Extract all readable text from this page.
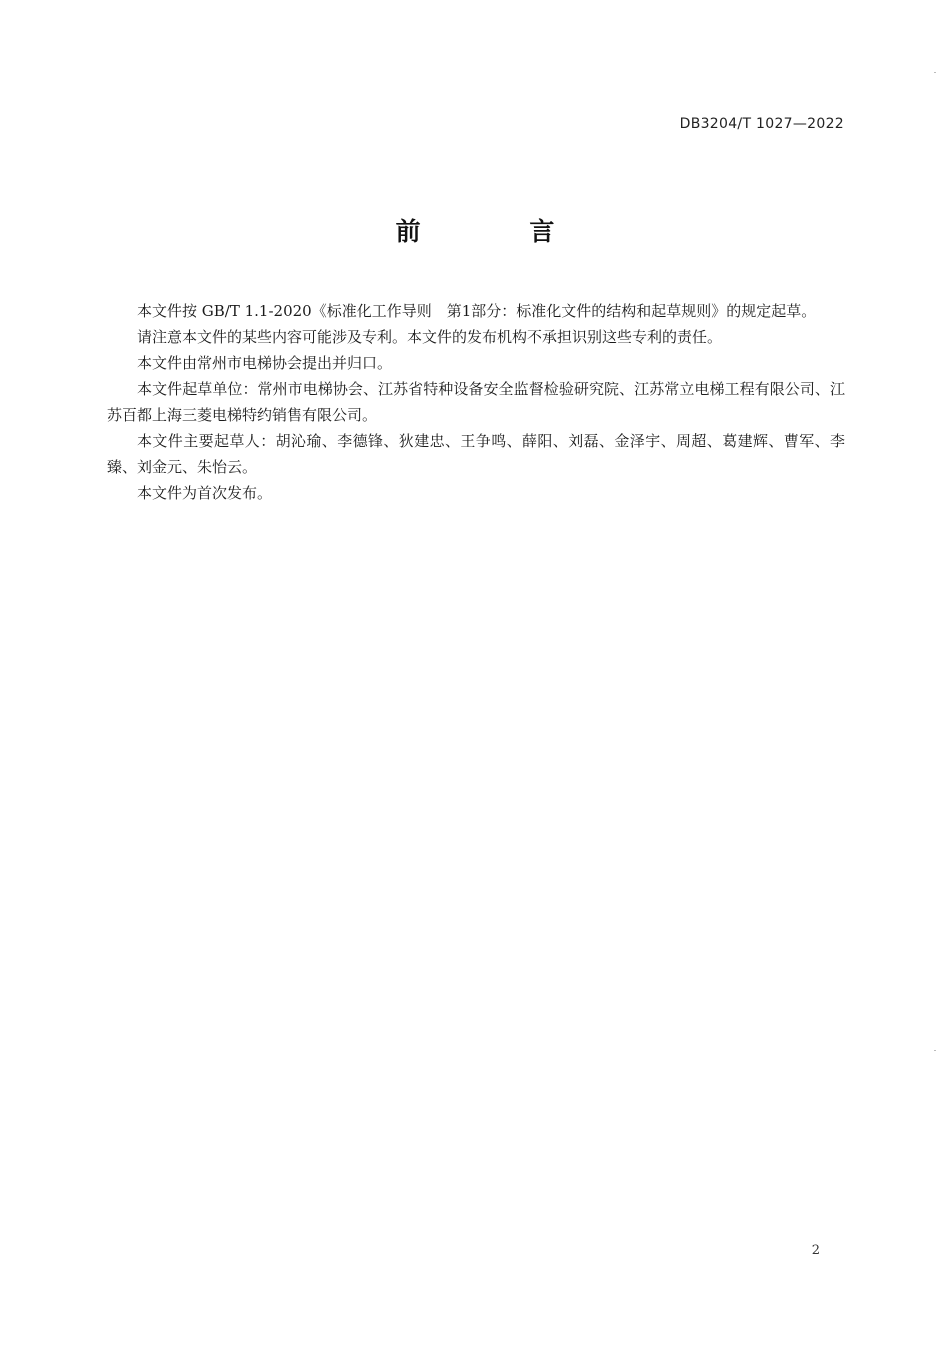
DB3204/T 1027—2022
前 言

本文件按 GB/T 1.1-2020《标准化工作导则　第1部分：标准化文件的结构和起草规则》的规定起草。

请注意本文件的某些内容可能涉及专利。本文件的发布机构不承担识别这些专利的责任。

本文件由常州市电梯协会提出并归口。

本文件起草单位：常州市电梯协会、江苏省特种设备安全监督检验研究院、江苏常立电梯工程有限公司、江苏百都上海三菱电梯特约销售有限公司。

本文件主要起草人：胡沁瑜、李德锋、狄建忠、王争鸣、薛阳、刘磊、金泽宇、周超、葛建辉、曹军、李臻、刘金元、朱怡云。

本文件为首次发布。

2
